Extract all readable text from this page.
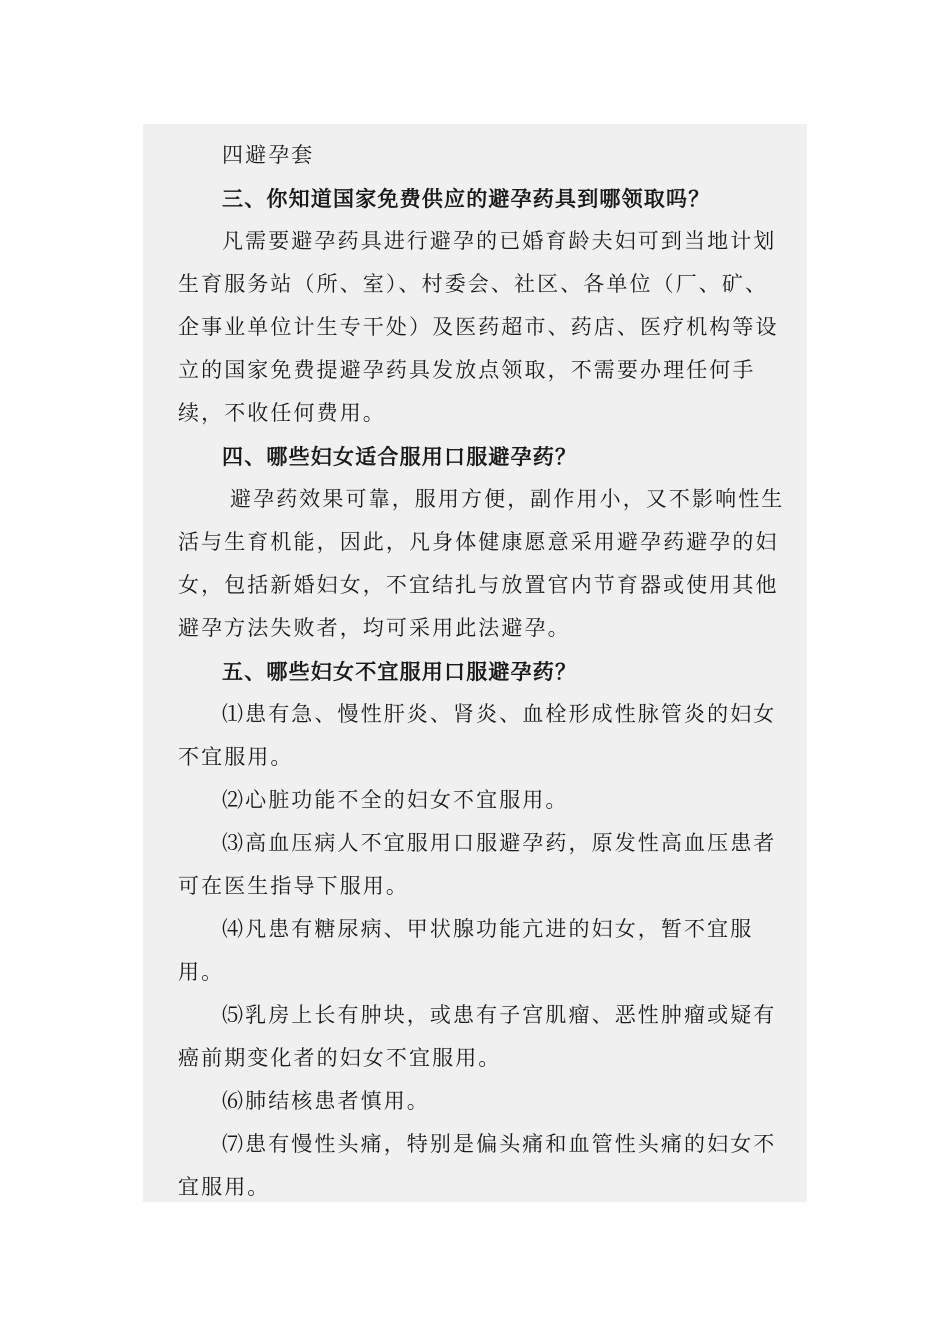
四避孕套

三、你知道国家免费供应的避孕药具到哪领取吗？

凡需要避孕药具进行避孕的已婚育龄夫妇可到当地计划

生育服务站（所、室）、村委会、社区、各单位（厂、矿、

企事业单位计生专干处）及医药超市、药店、医疗机构等设

立的国家免费提避孕药具发放点领取，不需要办理任何手

续，不收任何费用。

四、哪些妇女适合服用口服避孕药？

避孕药效果可靠，服用方便，副作用小，又不影响性生

活与生育机能，因此，凡身体健康愿意采用避孕药避孕的妇

女，包括新婚妇女，不宜结扎与放置官内节育器或使用其他

避孕方法失败者，均可采用此法避孕。

五、哪些妇女不宜服用口服避孕药？

⑴患有急、慢性肝炎、肾炎、血栓形成性脉管炎的妇女

不宜服用。

⑵心脏功能不全的妇女不宜服用。

⑶高血压病人不宜服用口服避孕药，原发性高血压患者

可在医生指导下服用。

⑷凡患有糖尿病、甲状腺功能亢进的妇女，暂不宜服

用。

⑸乳房上长有肿块，或患有子宫肌瘤、恶性肿瘤或疑有

癌前期变化者的妇女不宜服用。

⑹肺结核患者慎用。

⑺患有慢性头痛，特别是偏头痛和血管性头痛的妇女不

宜服用。
